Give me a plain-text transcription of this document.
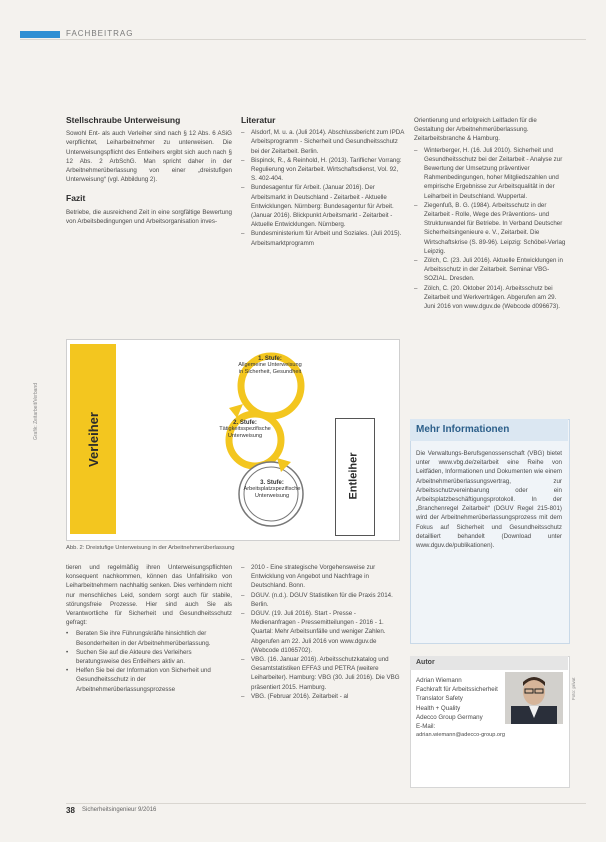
FACHBEITRAG

Stellschraube Unterweisung

Sowohl Ent- als auch Verleiher sind nach § 12 Abs. 6 ASiG verpflichtet, Leiharbeitnehmer zu unterweisen. Die Unterweisungspflicht des Entleihers ergibt sich auch nach § 12 Abs. 2 ArbSchG. Man spricht daher in der Arbeitnehmerüberlassung von einer „dreistufigen Unterweisung“ (vgl. Abbildung 2).

Fazit

Betriebe, die ausreichend Zeit in eine sorgfältige Bewertung von Arbeitsbedingungen und Arbeitsorganisation inves-

Literatur

– Alsdorf, M. u. a. (Juli 2014). Abschlussbericht zum IPDA Arbeitsprogramm - Sicherheit und Gesundheitsschutz bei der Zeitarbeit. Berlin.
– Bispinck, R., & Reinhold, H. (2013). Tariflicher Vorrang: Regulierung von Zeitarbeit. Wirtschaftsdienst, Vol. 92, S. 402-404.
– Bundesagentur für Arbeit. (Januar 2016). Der Arbeitsmarkt in Deutschland - Zeitarbeit - Aktuelle Entwicklungen. Nürnberg: Bundesagentur für Arbeit. (Januar 2016). Blickpunkt Arbeitsmarkt - Zeitarbeit - Aktuelle Entwicklungen. Nürnberg.
– Bundesministerium für Arbeit und Soziales. (Juli 2015). Arbeitsmarktprogramm

Orientierung und erfolgreich Leitfaden für die Gestaltung der Arbeitnehmerüberlassung. Zeitarbeitsbranche & Hamburg.

– Winterberger, H. (16. Juli 2010). Sicherheit und Gesundheitsschutz bei der Zeitarbeit - Analyse zur Bewertung der Umsetzung präventiver Rahmenbedingungen, hoher Mitgliedszahlen und empirische Ergebnisse zur Arbeitsqualität in der Leiharbeit in Deutschland. Wuppertal.
– Ziegenfuß, B. G. (1984). Arbeitsschutz in der Zeitarbeit - Rolle, Wege des Präventions- und Strukturwandel für Betriebe. In Verband Deutscher Sicherheitsingenieure e. V., Zeitarbeit. Die Wirtschaftskrise (S. 89-96). Leipzig: Schöbel-Verlag Leipzig.
– Zölch, C. (23. Juli 2016). Aktuelle Entwicklungen in Arbeitsschutz in der Zeitarbeit. Seminar VBG-SOZIAL. Dresden.
– Zölch, C. (20. Oktober 2014). Arbeitsschutz bei Zeitarbeit und Werkverträgen. Abgerufen am 29. Juni 2016 von www.dguv.de (Webcode d096673).
Verleiher
1. Stufe:
Allgemeine Unterweisung in Sicherheit, Gesundheit
2. Stufe:
Tätigkeitsspezifische Unterweisung
3. Stufe:
Arbeitsplatzspezifische Unterweisung	Entleiher
Grafik: Zeitarbeit/Verband
Abb. 2: Dreistufige Unterweisung in der Arbeitnehmerüberlassung

tieren und regelmäßig ihren Unterweisungspflichten konsequent nachkommen, können das Unfallrisiko von Leiharbeitnehmern nachhaltig senken. Dies verhindern nicht nur menschliches Leid, sondern sorgt auch für stabile, störungsfreie Prozesse. Hier sind auch Sie als Verantwortliche für Sicherheit und Gesundheitsschutz gefragt:

• Beraten Sie ihre Führungskräfte hinsichtlich der Besonderheiten in der Arbeitnehmerüberlassung.
• Suchen Sie auf die Akteure des Verleihers beratungsweise des Entleihers aktiv an.
• Helfen Sie bei der Information von Sicherheit und Gesundheitsschutz in der Arbeitnehmerüberlassungsprozesse
– 2010 - Eine strategische Vorgehensweise zur Entwicklung von Angebot und Nachfrage in Deutschland. Bonn.
– DGUV. (n.d.). DGUV Statistiken für die Praxis 2014. Berlin.
– DGUV. (19. Juli 2016). Start - Presse - Medienanfragen - Pressemitteilungen - 2016 - 1. Quartal: Mehr Arbeitsunfälle und weniger Zahlen. Abgerufen am 22. Juli 2016 von www.dguv.de (Webcode d1065702).
– VBG. (16. Januar 2016). Arbeitsschutzkatalog und Gesamtstatistiken EFFA3 und PETRA (weitere Leiharbeiter). Hamburg: VBG (30. Juli 2016). Die VBG präsentiert 2015. Hamburg.
– VBG. (Februar 2016). Zeitarbeit - al
Mehr Informationen
Die Verwaltungs-Berufsgenossenschaft (VBG) bietet unter www.vbg.de/zeitarbeit eine Reihe von Leitfäden, Informationen und Dokumenten wie einem Arbeitnehmerüberlassungsvertrag, zur Arbeitsschutzvereinbarung oder ein Arbeitsplatzbeschäftigungsprotokoll. In der „Branchenregel Zeitarbeit“ (DGUV Regel 215-801) wird der Arbeitnehmerüberlassungsprozess mit dem Fokus auf Sicherheit und Gesundheitsschutz detailliert behandelt (Download unter www.dguv.de/publikationen).
Autor

Adrian Wiemann

Fachkraft für Arbeitssicherheit

Translator Safety

Health + Quality

Adecco Group Germany

E-Mail:

adrian.wiemann@adecco-group.org
Foto: privat
38 Sicherheitsingenieur 9/2016
